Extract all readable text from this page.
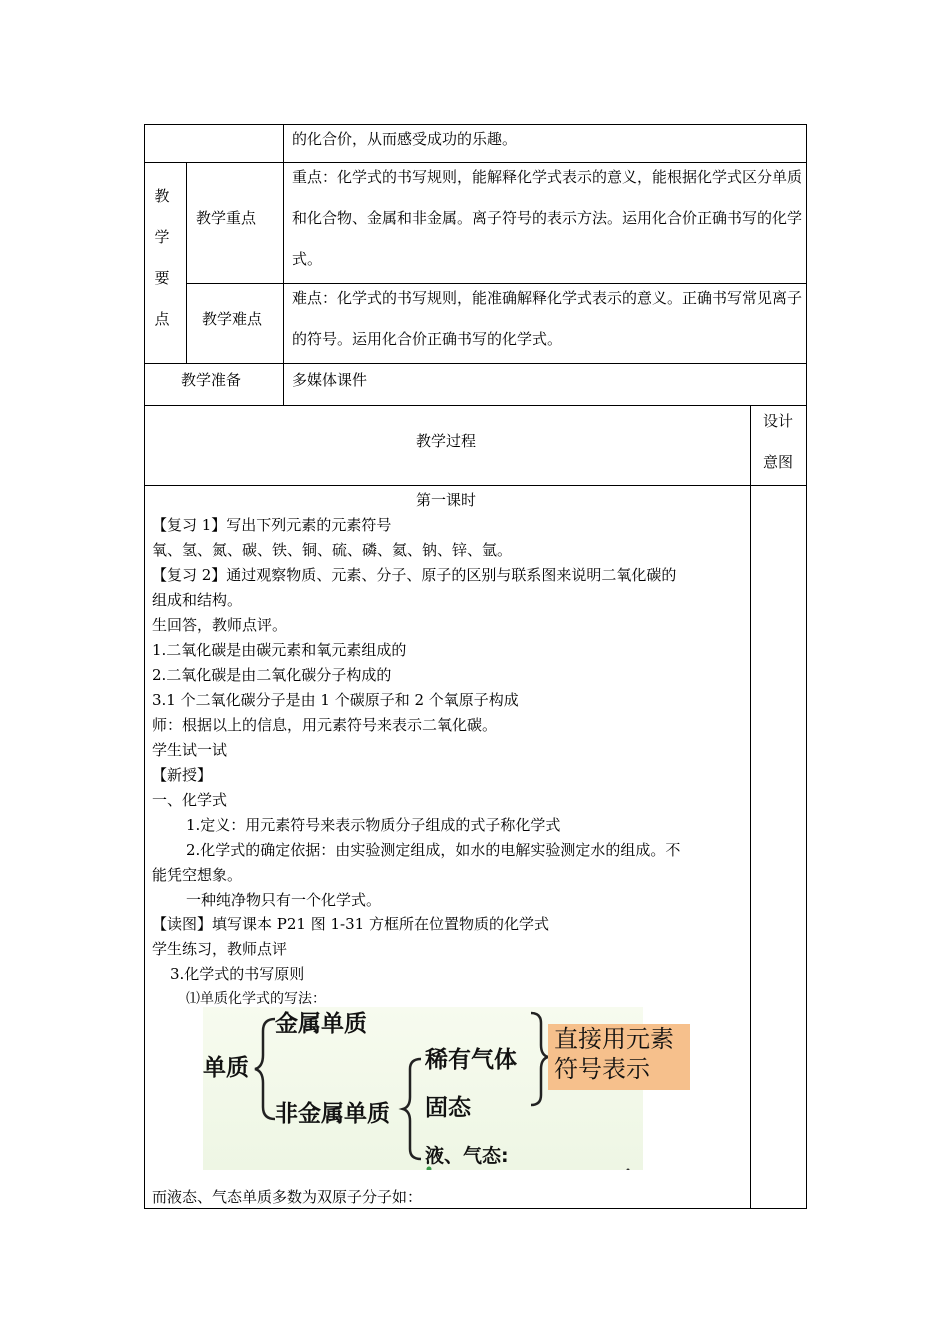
的化合价，从而感受成功的乐趣。
教
学
要
点
教学重点
重点：化学式的书写规则，能解释化学式表示的意义，能根据化学式区分单质和化合物、金属和非金属。离子符号的表示方法。运用化合价正确书写的化学式。
教学难点
难点：化学式的书写规则，能准确解释化学式表示的意义。正确书写常见离子的符号。运用化合价正确书写的化学式。
教学准备	多媒体课件
教学过程
设计
意图
第一课时
【复习 1】写出下列元素的元素符号
氧、氢、氮、碳、铁、铜、硫、磷、氦、钠、锌、氩。
【复习 2】通过观察物质、元素、分子、原子的区别与联系图来说明二氧化碳的
组成和结构。
生回答，教师点评。
1.二氧化碳是由碳元素和氧元素组成的
2.二氧化碳是由二氧化碳分子构成的
3.1 个二氧化碳分子是由 1 个碳原子和 2 个氧原子构成
师：根据以上的信息，用元素符号来表示二氧化碳。
学生试一试
【新授】
一、化学式
1.定义：用元素符号来表示物质分子组成的式子称化学式
2.化学式的确定依据：由实验测定组成，如水的电解实验测定水的组成。不
能凭空想象。
一种纯净物只有一个化学式。
【读图】填写课本 P21 图 1-31 方框所在位置物质的化学式
学生练习，教师点评
3.化学式的书写原则
⑴单质化学式的写法：
单质
金属单质
非金属单质
稀有气体
固态
液、气态:
直接用元素
符号表示
而液态、气态单质多数为双原子分子如：
